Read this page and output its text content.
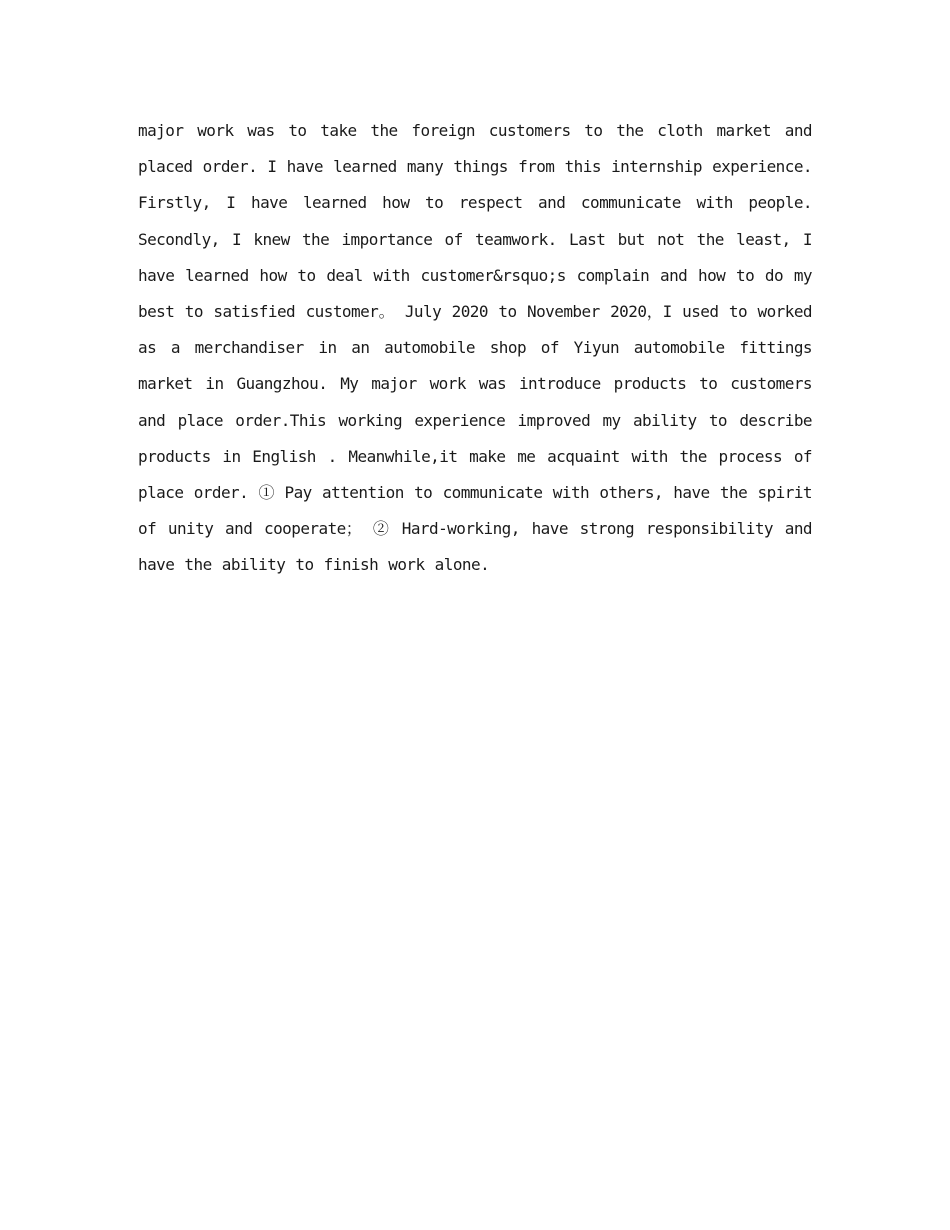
major work was to take the foreign customers to the cloth market and placed order. I have learned many things from this internship experience. Firstly, I have learned how to respect and communicate with people. Secondly, I knew the importance of teamwork. Last but not the least, I have learned how to deal with customer&rsquo;s complain and how to do my best to satisfied customer。 July 2020 to November 2020，I used to worked as a merchandiser in an automobile shop of Yiyun automobile fittings market in Guangzhou. My major work was introduce products to customers and place order.This working experience improved my ability to describe products in English . Meanwhile,it make me acquaint with the process of place order. ① Pay attention to communicate with others, have the spirit of unity and cooperate； ② Hard-working, have strong responsibility and have the ability to finish work alone.
